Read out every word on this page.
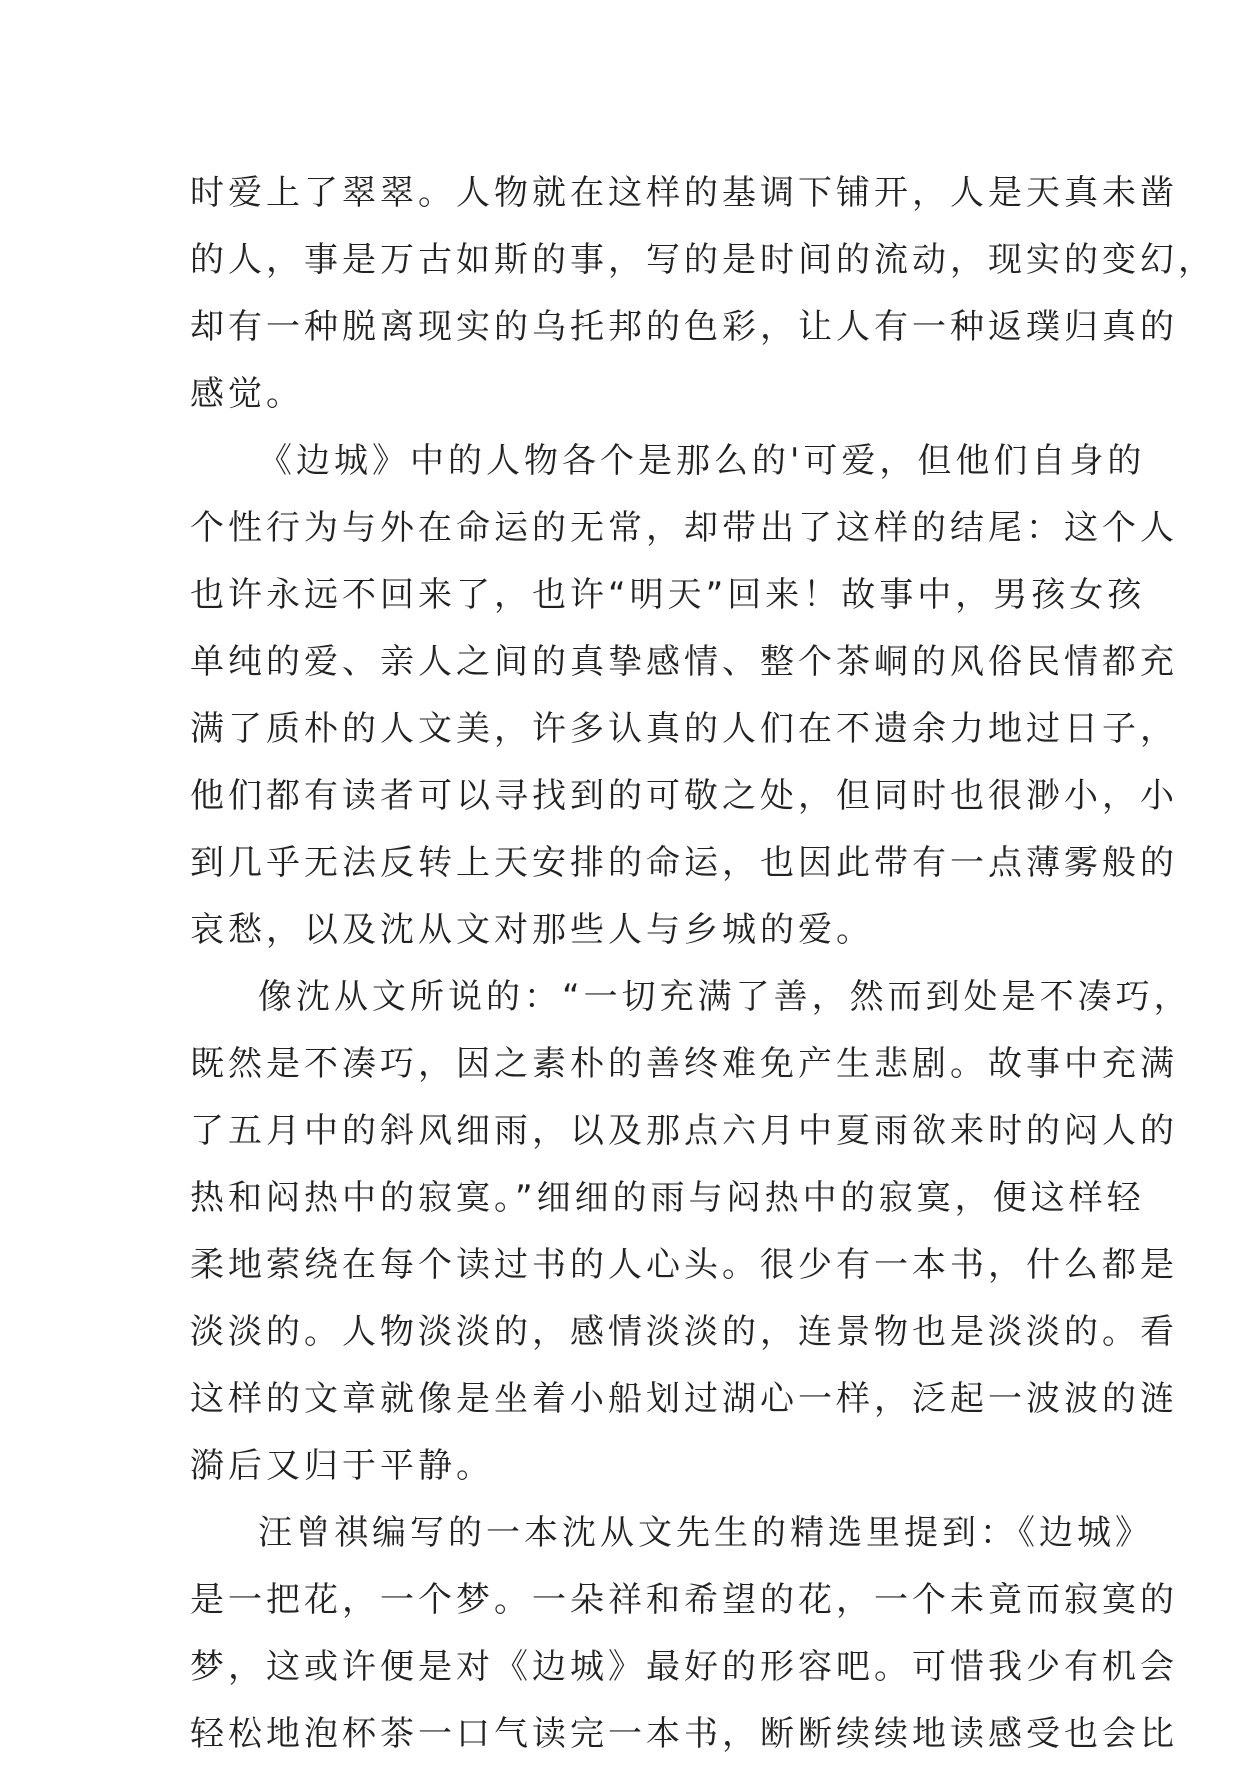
时爱上了翠翠。人物就在这样的基调下铺开，人是天真未凿
的人，事是万古如斯的事，写的是时间的流动，现实的变幻，
却有一种脱离现实的乌托邦的色彩，让人有一种返璞归真的
感觉。
《边城》中的人物各个是那么的'可爱，但他们自身的
个性行为与外在命运的无常，却带出了这样的结尾：这个人
也许永远不回来了，也许“明天”回来！故事中，男孩女孩
单纯的爱、亲人之间的真挚感情、整个茶峒的风俗民情都充
满了质朴的人文美，许多认真的人们在不遗余力地过日子，
他们都有读者可以寻找到的可敬之处，但同时也很渺小，小
到几乎无法反转上天安排的命运，也因此带有一点薄雾般的
哀愁，以及沈从文对那些人与乡城的爱。
像沈从文所说的：“一切充满了善，然而到处是不凑巧，
既然是不凑巧，因之素朴的善终难免产生悲剧。故事中充满
了五月中的斜风细雨，以及那点六月中夏雨欲来时的闷人的
热和闷热中的寂寞。”细细的雨与闷热中的寂寞，便这样轻
柔地萦绕在每个读过书的人心头。很少有一本书，什么都是
淡淡的。人物淡淡的，感情淡淡的，连景物也是淡淡的。看
这样的文章就像是坐着小船划过湖心一样，泛起一波波的涟
漪后又归于平静。
汪曾祺编写的一本沈从文先生的精选里提到：《边城》
是一把花，一个梦。一朵祥和希望的花，一个未竟而寂寞的
梦，这或许便是对《边城》最好的形容吧。可惜我少有机会
轻松地泡杯茶一口气读完一本书，断断续续地读感受也会比
